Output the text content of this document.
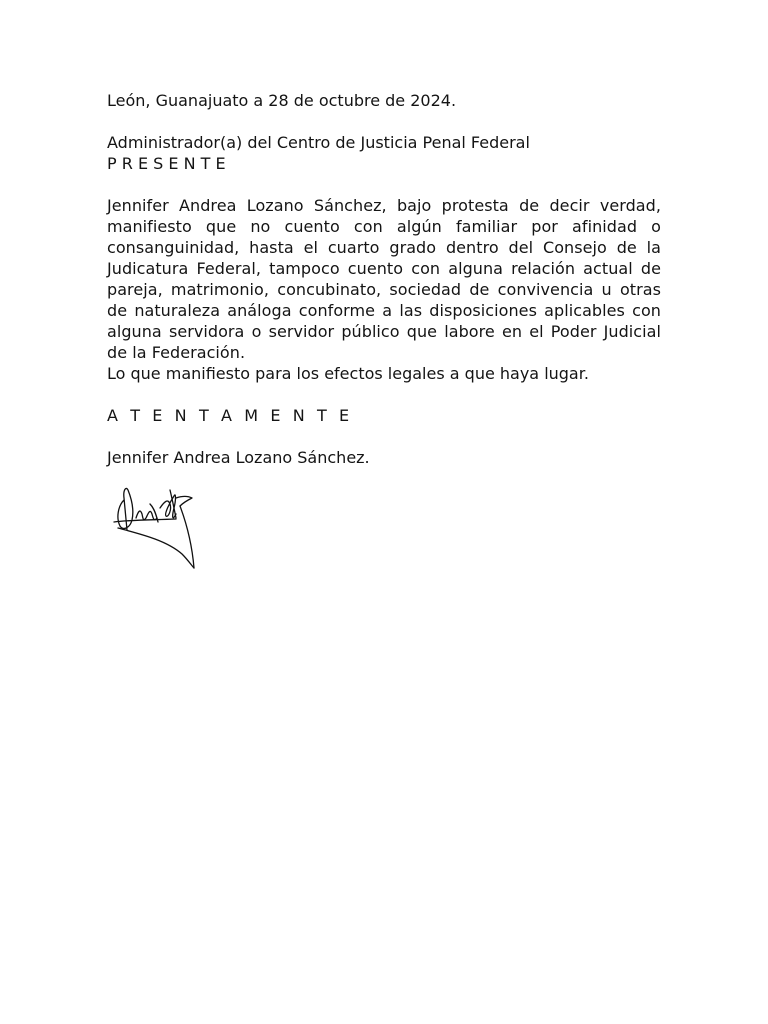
León, Guanajuato a 28 de octubre de 2024.
Administrador(a) del Centro de Justicia Penal Federal
P R E S E N T E
Jennifer Andrea Lozano Sánchez, bajo protesta de decir verdad, manifiesto que no cuento con algún familiar por afinidad o consanguinidad, hasta el cuarto grado dentro del Consejo de la Judicatura Federal, tampoco cuento con alguna relación actual de pareja, matrimonio, concubinato, sociedad de convivencia u otras de naturaleza análoga conforme a las disposiciones aplicables con alguna servidora o servidor público que labore en el Poder Judicial de la Federación.
Lo que manifiesto para los efectos legales a que haya lugar.
A T E N T A M E N T E
Jennifer Andrea Lozano Sánchez.
